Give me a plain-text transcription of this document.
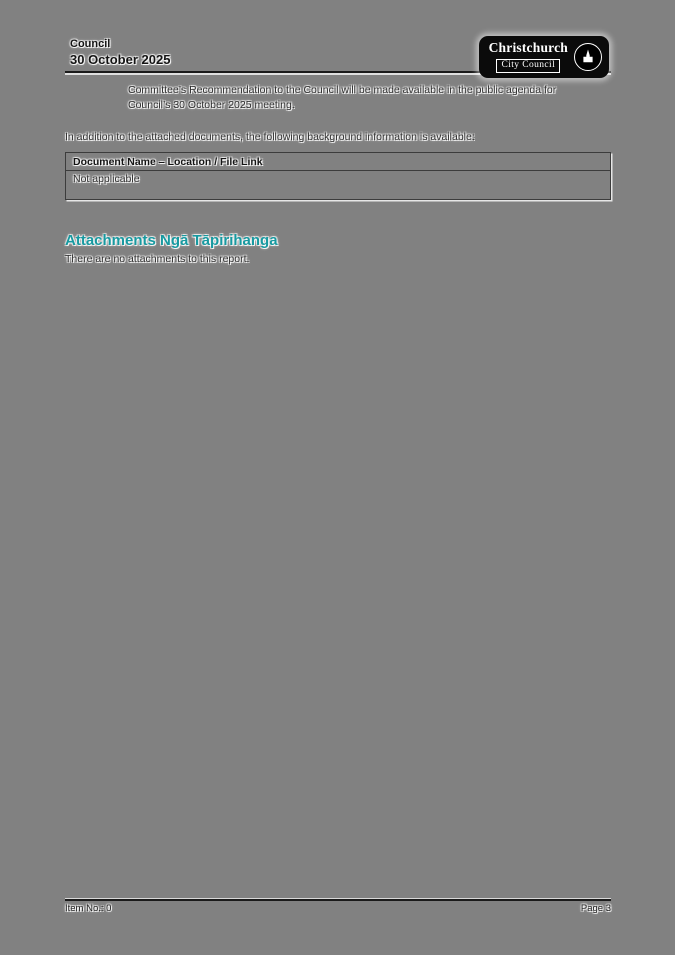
Council
30 October 2025
Christchurch
City Council
Committee’s Recommendation to the Council will be made available in the public agenda for Council’s 30 October 2025 meeting.
In addition to the attached documents, the following background information is available:
Document Name – Location / File Link
Not applicable
Attachments Ngā Tāpirihanga
There are no attachments to this report.
Item No.: 0	Page 3
